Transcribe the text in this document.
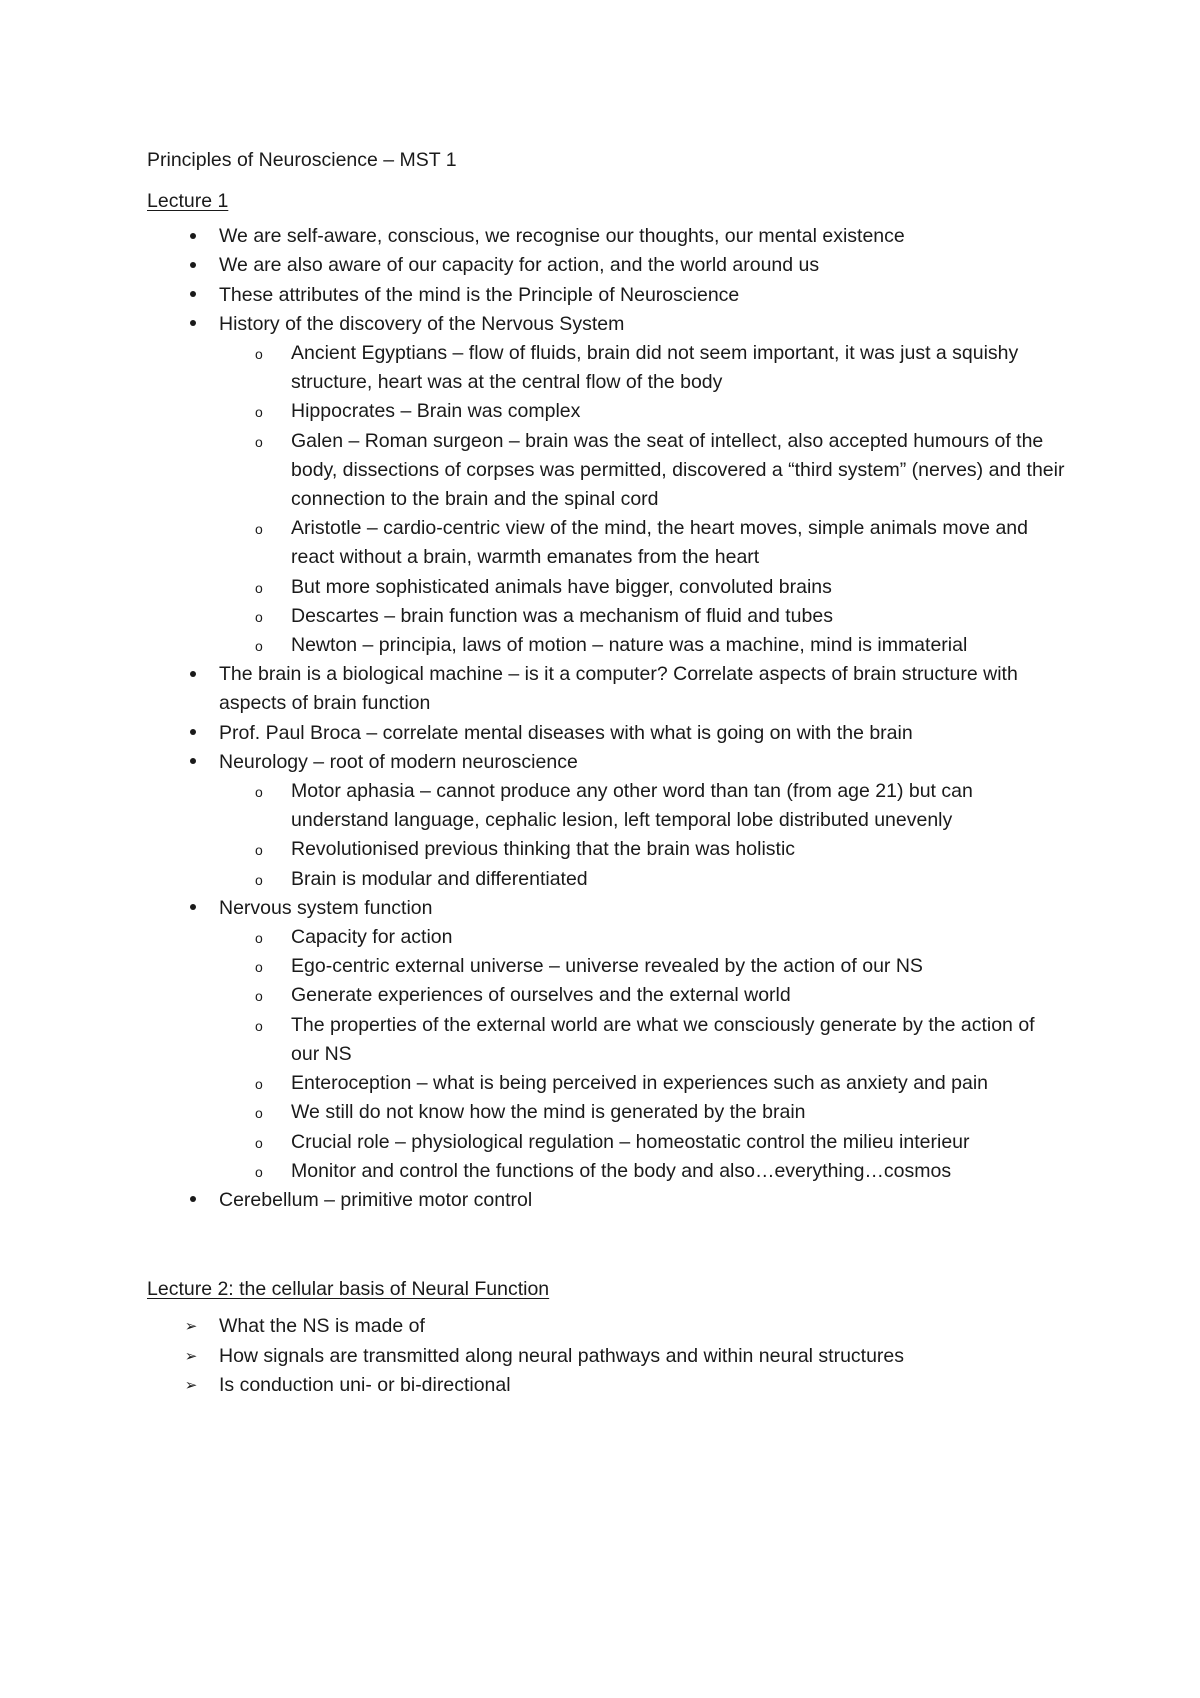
Principles of Neuroscience – MST 1

Lecture 1
We are self-aware, conscious, we recognise our thoughts, our mental existence
We are also aware of our capacity for action, and the world around us
These attributes of the mind is the Principle of Neuroscience
History of the discovery of the Nervous System
o Ancient Egyptians – flow of fluids, brain did not seem important, it was just a squishy structure, heart was at the central flow of the body
o Hippocrates – Brain was complex
o Galen – Roman surgeon – brain was the seat of intellect, also accepted humours of the body, dissections of corpses was permitted, discovered a “third system” (nerves) and their connection to the brain and the spinal cord
o Aristotle – cardio-centric view of the mind, the heart moves, simple animals move and react without a brain, warmth emanates from the heart
o But more sophisticated animals have bigger, convoluted brains
o Descartes – brain function was a mechanism of fluid and tubes
o Newton – principia, laws of motion – nature was a machine, mind is immaterial
The brain is a biological machine – is it a computer? Correlate aspects of brain structure with aspects of brain function
Prof. Paul Broca – correlate mental diseases with what is going on with the brain
Neurology – root of modern neuroscience
o Motor aphasia – cannot produce any other word than tan (from age 21) but can understand language, cephalic lesion, left temporal lobe distributed unevenly
o Revolutionised previous thinking that the brain was holistic
o Brain is modular and differentiated
Nervous system function
o Capacity for action
o Ego-centric external universe – universe revealed by the action of our NS
o Generate experiences of ourselves and the external world
o The properties of the external world are what we consciously generate by the action of our NS
o Enteroception – what is being perceived in experiences such as anxiety and pain
o We still do not know how the mind is generated by the brain
o Crucial role – physiological regulation – homeostatic control the milieu interieur
o Monitor and control the functions of the body and also…everything…cosmos
Cerebellum – primitive motor control
Lecture 2: the cellular basis of Neural Function
➢ What the NS is made of
➢ How signals are transmitted along neural pathways and within neural structures
➢ Is conduction uni- or bi-directional
